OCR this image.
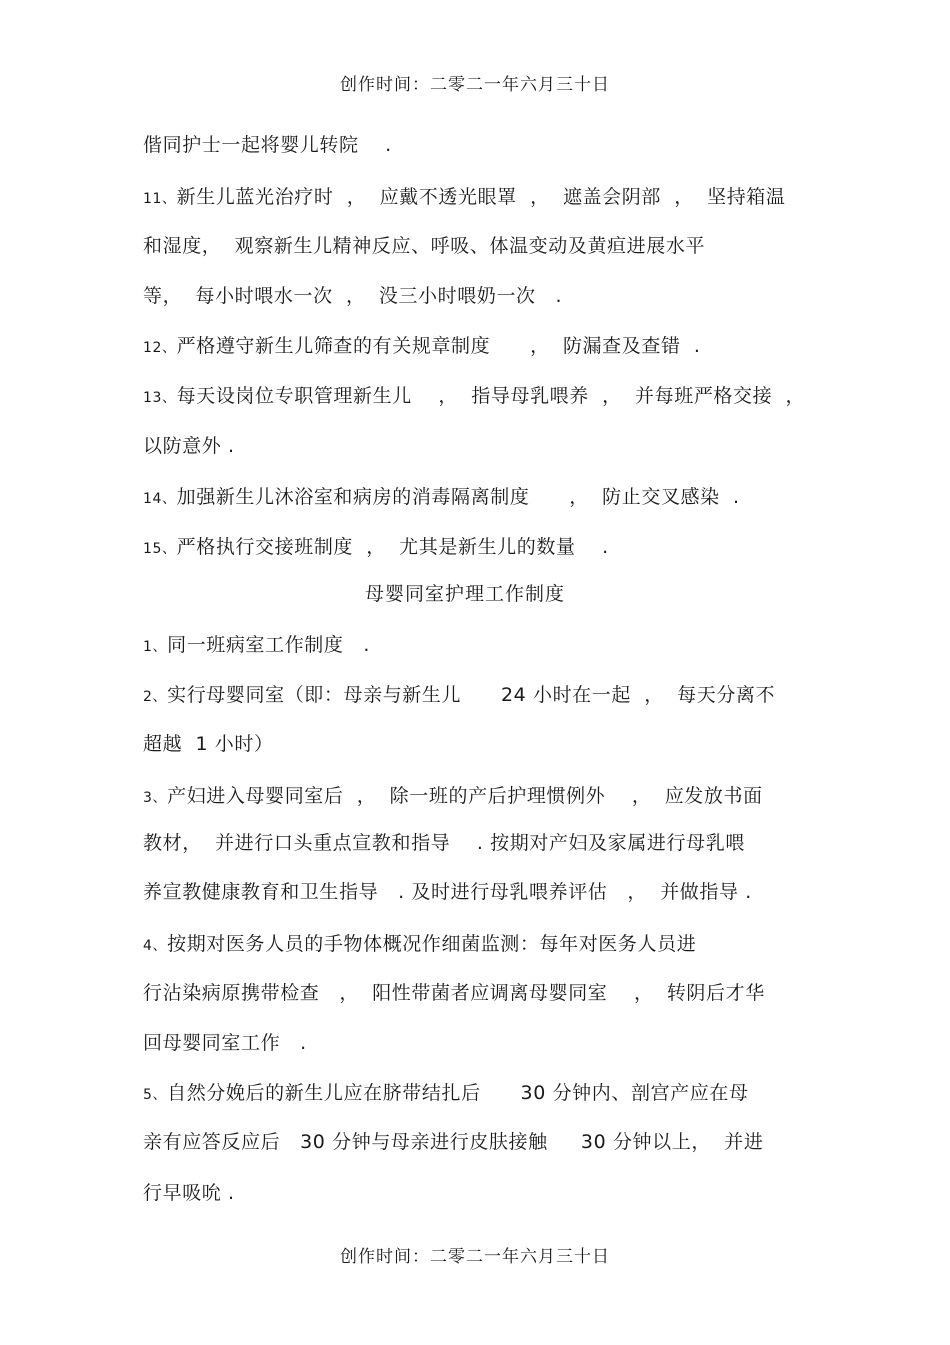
创作时间：二零二一年六月三十日
偕同护士一起将婴儿转院    .
11、新生儿蓝光治疗时  ，  应戴不透光眼罩  ，  遮盖会阴部  ，  坚持箱温
和湿度，  观察新生儿精神反应、呼吸、体温变动及黄疸进展水平
等，  每小时喂水一次  ，  没三小时喂奶一次   .
12、严格遵守新生儿筛查的有关规章制度      ，  防漏查及查错  .
13、每天设岗位专职管理新生儿    ，  指导母乳喂养  ，  并每班严格交接  ，
以防意外 .
14、加强新生儿沐浴室和病房的消毒隔离制度      ，  防止交叉感染  .
15、严格执行交接班制度  ，  尤其是新生儿的数量    .
母婴同室护理工作制度
1、同一班病室工作制度   .
2、实行母婴同室（即：母亲与新生儿      24 小时在一起  ，  每天分离不
超越  1 小时）
3、产妇进入母婴同室后  ，  除一班的产后护理惯例外    ，  应发放书面
教材，  并进行口头重点宣教和指导    . 按期对产妇及家属进行母乳喂
养宣教健康教育和卫生指导   . 及时进行母乳喂养评估   ，  并做指导 .
4、按期对医务人员的手物体概况作细菌监测：每年对医务人员进
行沾染病原携带检查   ，  阳性带菌者应调离母婴同室    ，  转阴后才华
回母婴同室工作   .
5、自然分娩后的新生儿应在脐带结扎后      30 分钟内、剖宫产应在母
亲有应答反应后   30 分钟与母亲进行皮肤接触     30 分钟以上，  并进
行早吸吮 .
创作时间：二零二一年六月三十日
